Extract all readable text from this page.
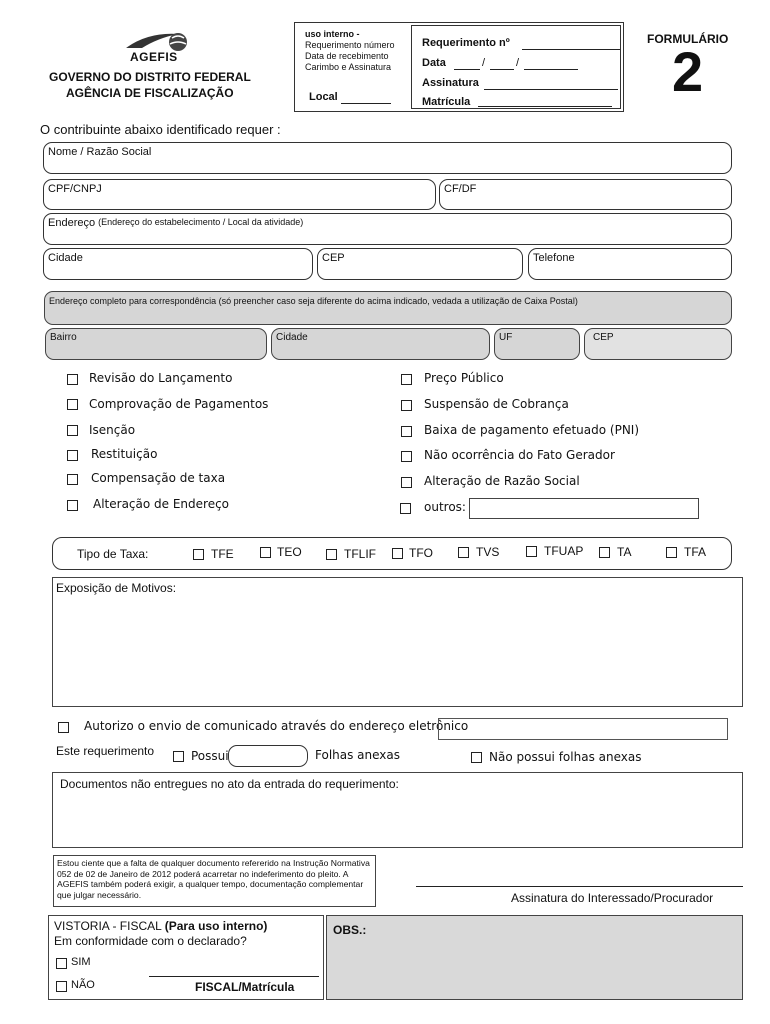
AGEFIS
GOVERNO DO DISTRITO FEDERAL
AGÊNCIA DE FISCALIZAÇÃO
uso interno -
Requerimento número
Data de recebimento
Carimbo e Assinatura
Local
Requerimento nº
Data	/	/
Assinatura
Matrícula
FORMULÁRIO
2
O contribuinte abaixo identificado requer :
Nome / Razão Social
CPF/CNPJ	CF/DF
Endereço $^{(Endereço do estabelecimento / Local da atividade)}$
Cidade	CEP	Telefone
Endereço completo para correspondência (só preencher caso seja diferente do acima indicado, vedada a utilização de Caixa Postal)
Bairro	Cidade	UF	CEP
Revisão do Lançamento
Comprovação de Pagamentos
Isenção
Restituição
Compensação de taxa
Alteração de Endereço
Preço Público
Suspensão de Cobrança
Baixa de pagamento efetuado (PNI)
Não ocorrência do Fato Gerador
Alteração de Razão Social
outros:
Tipo de Taxa:	TFE	TEO	TFLIF	TFO	TVS	TFUAP	TA	TFA
Exposição de Motivos:
Autorizo o envio de comunicado através do endereço eletrônico
Este requerimento	Possui	Folhas anexas	Não possui folhas anexas
Documentos não entregues no ato da entrada do requerimento:
Estou ciente que a falta de qualquer documento refererido na Instrução Normativa 052 de 02 de Janeiro de 2012 poderá acarretar no indeferimento do pleito. A AGEFIS também poderá exigir, a qualquer tempo, documentação complementar que julgar necessário.	Assinatura do Interessado/Procurador
VISTORIA - FISCAL (Para uso interno)
Em conformidade com o declarado?
SIM
NÃO	FISCAL/Matrícula
OBS.:
